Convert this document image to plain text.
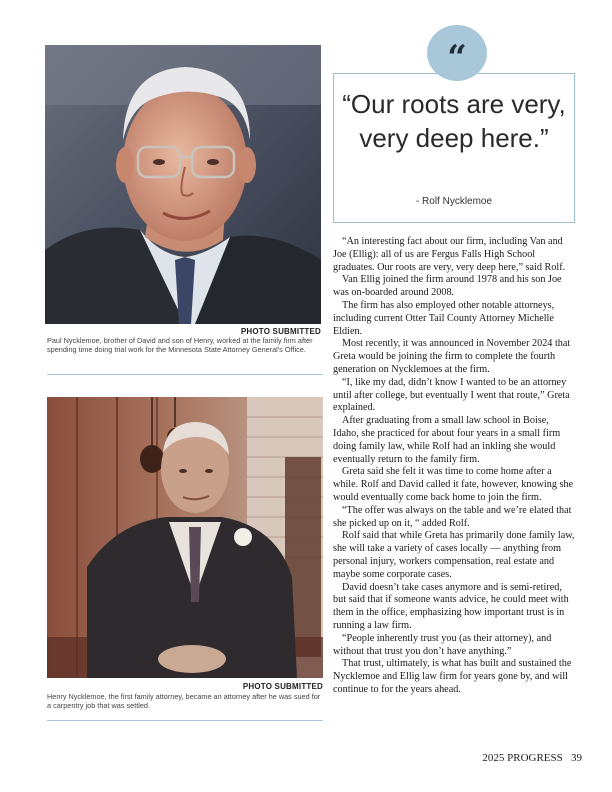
PHOTO SUBMITTED
Paul Nycklemoe, brother of David and son of Henry, worked at the family firm after spending time doing trial work for the Minnesota State Attorney General's Office.
PHOTO SUBMITTED
Henry Nycklemoe, the first family attorney, became an attorney after he was sued for a carpentry job that was settled.
“
“Our roots are very, very deep here.”
- Rolf Nycklemoe

“An interesting fact about our firm, including Van and Joe (Ellig): all of us are Fergus Falls High School graduates. Our roots are very, very deep here,” said Rolf.

Van Ellig joined the firm around 1978 and his son Joe was on-boarded around 2008.

The firm has also employed other notable attorneys, including current Otter Tail County Attorney Michelle Eldien.

Most recently, it was announced in November 2024 that Greta would be joining the firm to complete the fourth generation on Nycklemoes at the firm.

“I, like my dad, didn’t know I wanted to be an attorney until after college, but eventually I went that route,” Greta explained.

After graduating from a small law school in Boise, Idaho, she practiced for about four years in a small firm doing family law, while Rolf had an inkling she would eventually return to the family firm.

Greta said she felt it was time to come home after a while. Rolf and David called it fate, however, knowing she would eventually come back home to join the firm.

“The offer was always on the table and we’re elated that she picked up on it, “ added Rolf.

Rolf said that while Greta has primarily done family law, she will take a variety of cases locally — anything from personal injury, workers compensation, real estate and maybe some corporate cases.

David doesn’t take cases anymore and is semi-retired, but said that if someone wants advice, he could meet with them in the office, emphasizing how important trust is in running a law firm.

“People inherently trust you (as their attorney), and without that trust you don’t have anything.”

That trust, ultimately, is what has built and sustained the Nycklemoe and Ellig law firm for years gone by, and will continue to for the years ahead.

2025 PROGRESS   39
